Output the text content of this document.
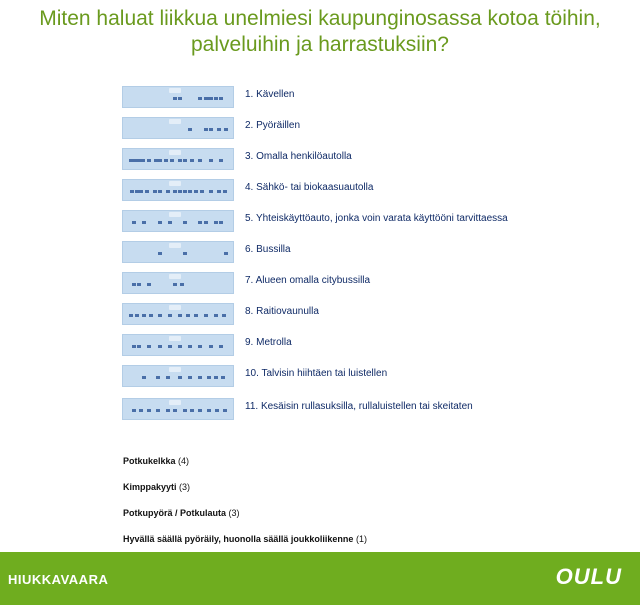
Miten haluat liikkua unelmiesi kaupunginosassa kotoa töihin,
palveluihin ja harrastuksiin?
1. Kävellen
2. Pyöräillen
3. Omalla henkilöautolla
4. Sähkö- tai biokaasuautolla
5. Yhteiskäyttöauto, jonka voin varata käyttööni tarvittaessa
6. Bussilla
7. Alueen omalla citybussilla
8. Raitiovaunulla
9. Metrolla
10. Talvisin hiihtäen tai luistellen
11. Kesäisin rullasuksilla, rullaluistellen tai skeitaten
Potkukelkka (4)
Kimppakyyti (3)
Potkupyörä / Potkulauta (3)
Hyvällä säällä pyöräily, huonolla säällä joukkoliikenne (1)
HIUKKAVAARA	OULU
